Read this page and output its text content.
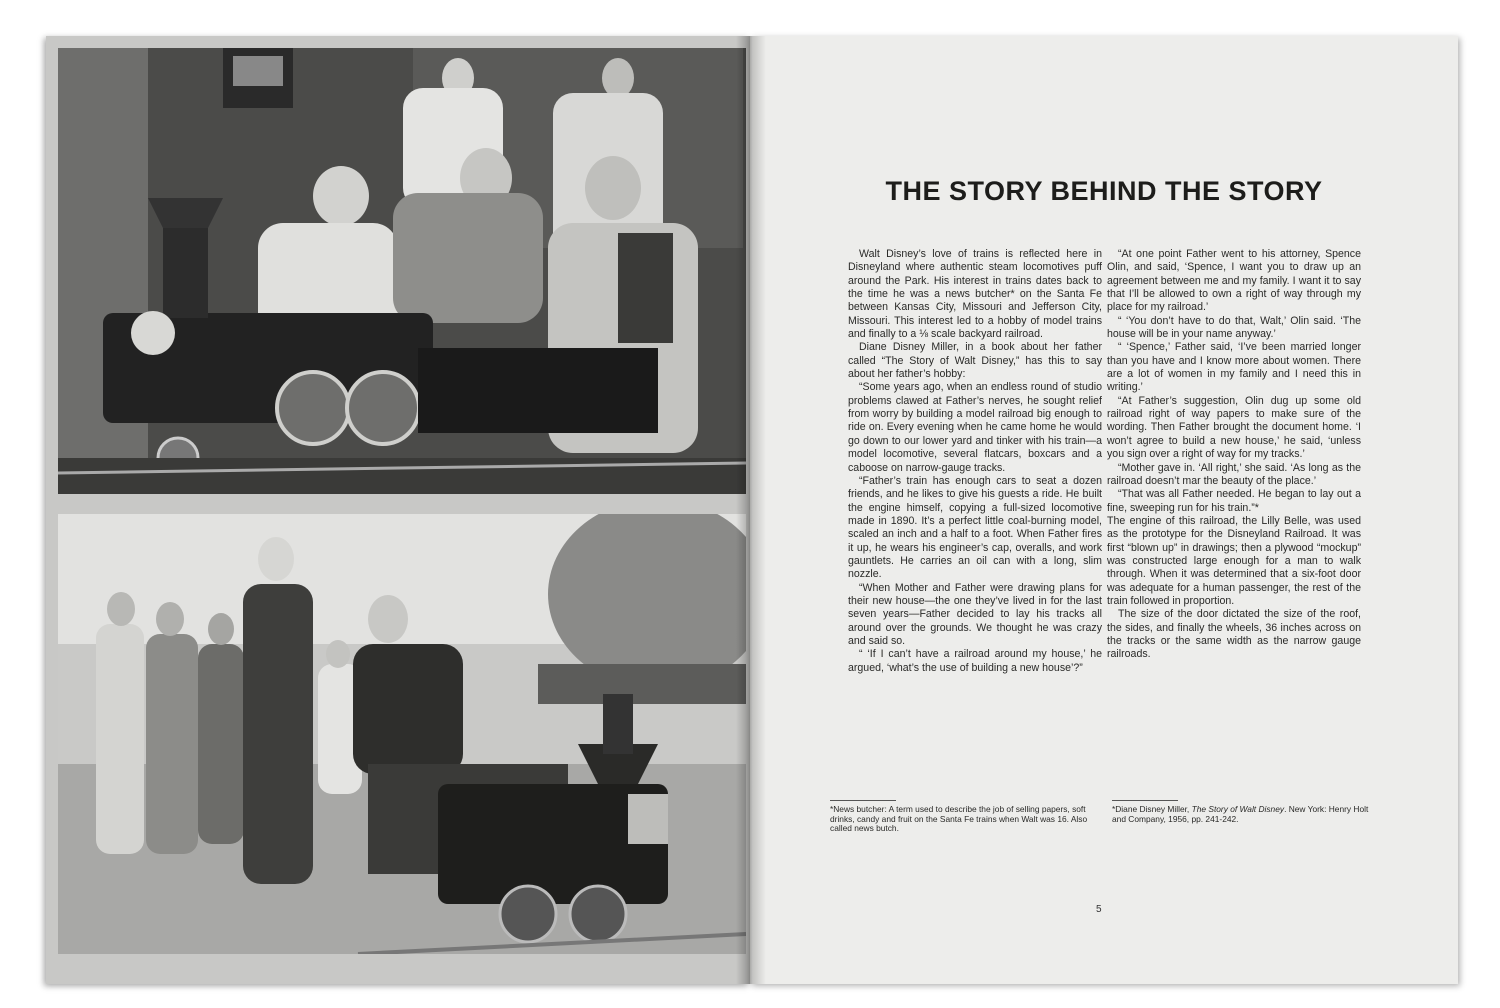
THE STORY BEHIND THE STORY

Walt Disney’s love of trains is reflected here in Disneyland where authentic steam locomotives puff around the Park. His interest in trains dates back to the time he was a news butcher* on the Santa Fe between Kansas City, Missouri and Jefferson City, Missouri. This interest led to a hobby of model trains and finally to a ⅛ scale backyard railroad.

Diane Disney Miller, in a book about her father called “The Story of Walt Disney,” has this to say about her father’s hobby:

“Some years ago, when an endless round of studio problems clawed at Father’s nerves, he sought relief from worry by building a model railroad big enough to ride on. Every evening when he came home he would go down to our lower yard and tinker with his train—a model locomotive, several flatcars, boxcars and a caboose on narrow-gauge tracks.

“Father’s train has enough cars to seat a dozen friends, and he likes to give his guests a ride. He built the engine himself, copying a full-sized locomotive made in 1890. It’s a perfect little coal-burning model, scaled an inch and a half to a foot. When Father fires it up, he wears his engineer’s cap, overalls, and work gauntlets. He carries an oil can with a long, slim nozzle.

“When Mother and Father were drawing plans for their new house—the one they’ve lived in for the last seven years—Father decided to lay his tracks all around over the grounds. We thought he was crazy and said so.

“ ‘If I can’t have a railroad around my house,’ he argued, ‘what’s the use of building a new house’?”

“At one point Father went to his attorney, Spence Olin, and said, ‘Spence, I want you to draw up an agreement between me and my family. I want it to say that I’ll be allowed to own a right of way through my place for my railroad.’

“ ‘You don’t have to do that, Walt,’ Olin said. ‘The house will be in your name anyway.’

“ ‘Spence,’ Father said, ‘I’ve been married longer than you have and I know more about women. There are a lot of women in my family and I need this in writing.’

“At Father’s suggestion, Olin dug up some old railroad right of way papers to make sure of the wording. Then Father brought the document home. ‘I won’t agree to build a new house,’ he said, ‘unless you sign over a right of way for my tracks.’

“Mother gave in. ‘All right,’ she said. ‘As long as the railroad doesn’t mar the beauty of the place.’

“That was all Father needed. He began to lay out a fine, sweeping run for his train.”*

The engine of this railroad, the Lilly Belle, was used as the prototype for the Disneyland Railroad. It was first “blown up” in drawings; then a plywood “mockup” was constructed large enough for a man to walk through. When it was determined that a six-foot door was adequate for a human passenger, the rest of the train followed in proportion.

The size of the door dictated the size of the roof, the sides, and finally the wheels, 36 inches across on the tracks or the same width as the narrow gauge railroads.

*News butcher: A term used to describe the job of selling papers, soft drinks, candy and fruit on the Santa Fe trains when Walt was 16. Also called news butch.
*Diane Disney Miller, The Story of Walt Disney. New York: Henry Holt and Company, 1956, pp. 241-242.
5
